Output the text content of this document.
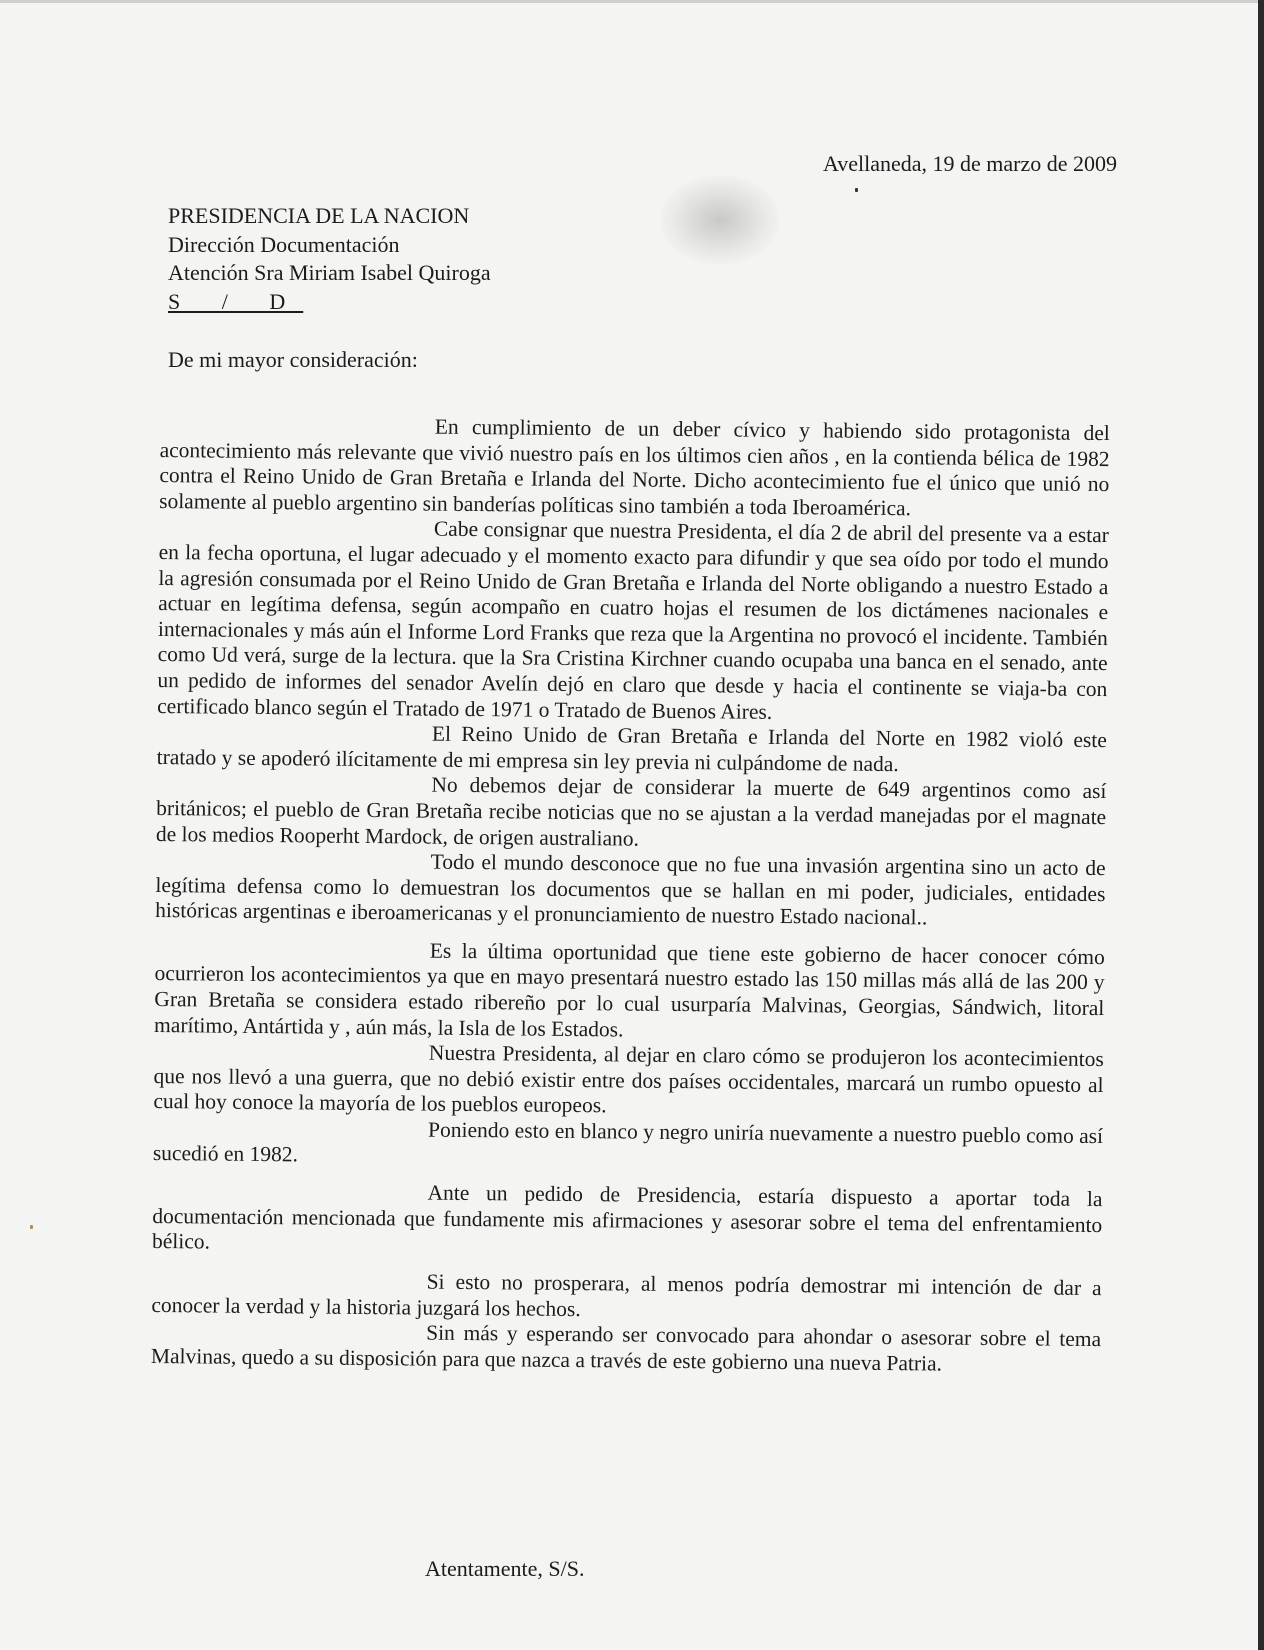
Avellaneda, 19 de marzo de 2009
PRESIDENCIA DE LA NACION
Dirección Documentación
Atención Sra Miriam Isabel Quiroga
S / D
De mi mayor consideración:

En cumplimiento de un deber cívico y habiendo sido protagonista del acontecimiento más relevante que vivió nuestro país en los últimos cien años , en la contienda bélica de 1982 contra el Reino Unido de Gran Bretaña e Irlanda del Norte. Dicho acontecimiento fue el único que unió no solamente al pueblo argentino sin banderías políticas sino también a toda Iberoamérica.

Cabe consignar que nuestra Presidenta, el día 2 de abril del presente va a estar en la fecha oportuna, el lugar adecuado y el momento exacto para difundir y que sea oído por todo el mundo la agresión consumada por el Reino Unido de Gran Bretaña e Irlanda del Norte obligando a nuestro Estado a actuar en legítima defensa, según acompaño en cuatro hojas el resumen de los dictámenes nacionales e internacionales y más aún el Informe Lord Franks que reza que la Argentina no provocó el incidente. También como Ud verá, surge de la lectura. que la Sra Cristina Kirchner cuando ocupaba una banca en el senado, ante un pedido de informes del senador Avelín dejó en claro que desde y hacia el continente se viaja-ba con certificado blanco según el Tratado de 1971 o Tratado de Buenos Aires.

El Reino Unido de Gran Bretaña e Irlanda del Norte en 1982 violó este tratado y se apoderó ilícitamente de mi empresa sin ley previa ni culpándome de nada.

No debemos dejar de considerar la muerte de 649 argentinos como así británicos; el pueblo de Gran Bretaña recibe noticias que no se ajustan a la verdad manejadas por el magnate de los medios Rooperht Mardock, de origen australiano.

Todo el mundo desconoce que no fue una invasión argentina sino un acto de legítima defensa como lo demuestran los documentos que se hallan en mi poder, judiciales, entidades históricas argentinas e iberoamericanas y el pronunciamiento de nuestro Estado nacional..

Es la última oportunidad que tiene este gobierno de hacer conocer cómo ocurrieron los acontecimientos ya que en mayo presentará nuestro estado las 150 millas más allá de las 200 y Gran Bretaña se considera estado ribereño por lo cual usurparía Malvinas, Georgias, Sándwich, litoral marítimo, Antártida y , aún más, la Isla de los Estados.

Nuestra Presidenta, al dejar en claro cómo se produjeron los acontecimientos que nos llevó a una guerra, que no debió existir entre dos países occidentales, marcará un rumbo opuesto al cual hoy conoce la mayoría de los pueblos europeos.

Poniendo esto en blanco y negro uniría nuevamente a nuestro pueblo como así sucedió en 1982.

Ante un pedido de Presidencia, estaría dispuesto a aportar toda la documentación mencionada que fundamente mis afirmaciones y asesorar sobre el tema del enfrentamiento bélico.

Si esto no prosperara, al menos podría demostrar mi intención de dar a conocer la verdad y la historia juzgará los hechos.

Sin más y esperando ser convocado para ahondar o asesorar sobre el tema Malvinas, quedo a su disposición para que nazca a través de este gobierno una nueva Patria.

Atentamente, S/S.
